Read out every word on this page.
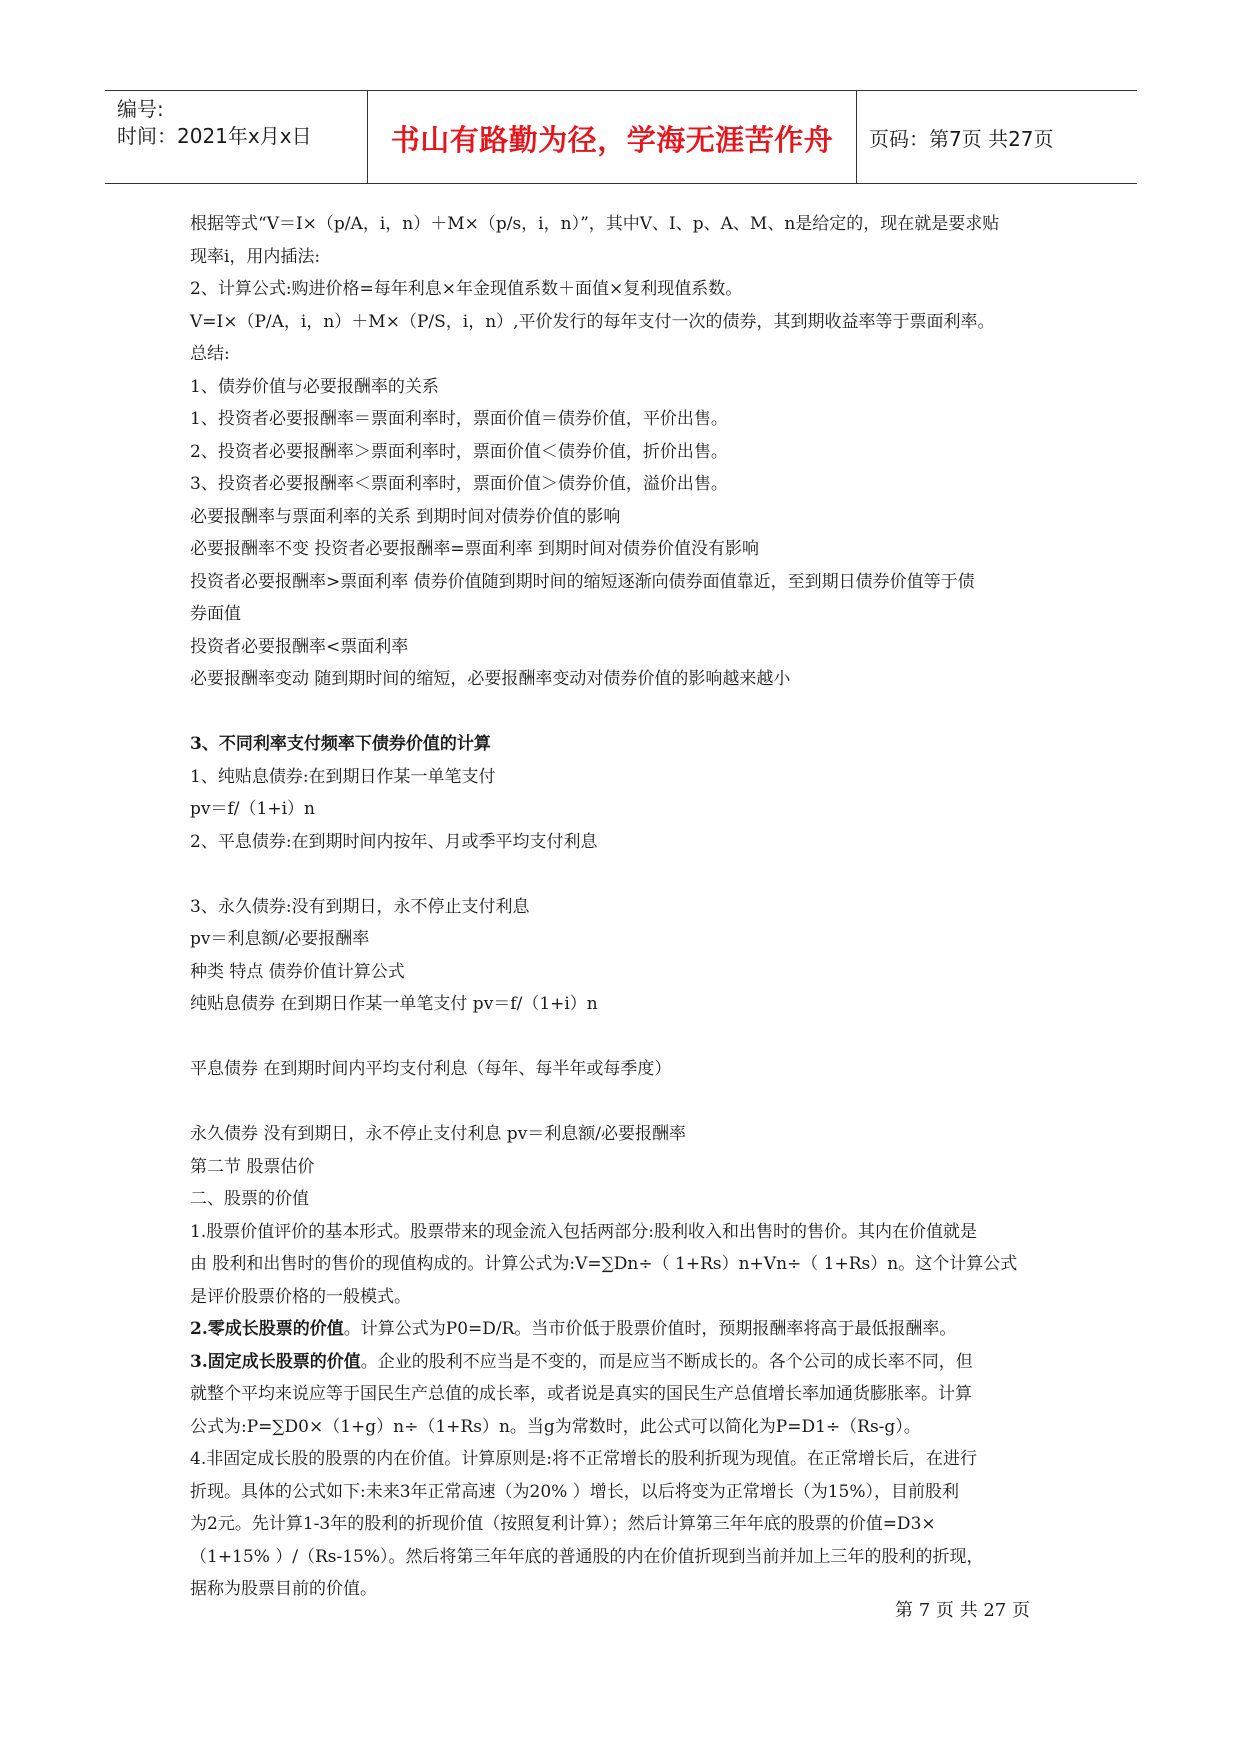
编号:
时间：2021年x月x日	书山有路勤为径，学海无涯苦作舟	页码：第7页 共27页

根据等式“V＝I×（p/A，i，n）＋M×（p/s，i，n）”，其中V、I、p、A、M、n是给定的，现在就是要求贴

现率i，用内插法:

2、计算公式:购进价格=每年利息×年金现值系数＋面值×复利现值系数。

V=I×（P/A，i，n）＋M×（P/S，i，n）,平价发行的每年支付一次的债券，其到期收益率等于票面利率。

总结:

1、债券价值与必要报酬率的关系

1、投资者必要报酬率＝票面利率时，票面价值＝债券价值，平价出售。

2、投资者必要报酬率＞票面利率时，票面价值＜债券价值，折价出售。

3、投资者必要报酬率＜票面利率时，票面价值＞债券价值，溢价出售。

必要报酬率与票面利率的关系 到期时间对债券价值的影响

必要报酬率不变 投资者必要报酬率=票面利率 到期时间对债券价值没有影响

投资者必要报酬率>票面利率 债券价值随到期时间的缩短逐渐向债券面值靠近，至到期日债券价值等于债

券面值

投资者必要报酬率<票面利率

必要报酬率变动 随到期时间的缩短，必要报酬率变动对债券价值的影响越来越小

3、不同利率支付频率下债券价值的计算

1、纯贴息债券:在到期日作某一单笔支付

pv＝f/（1+i）n

2、平息债券:在到期时间内按年、月或季平均支付利息

3、永久债券:没有到期日，永不停止支付利息

pv＝利息额/必要报酬率

种类 特点 债券价值计算公式

纯贴息债券 在到期日作某一单笔支付 pv＝f/（1+i）n

平息债券 在到期时间内平均支付利息（每年、每半年或每季度）

永久债券 没有到期日，永不停止支付利息 pv＝利息额/必要报酬率

第二节 股票估价

二、股票的价值

1.股票价值评价的基本形式。股票带来的现金流入包括两部分:股利收入和出售时的售价。其内在价值就是

由 股利和出售时的售价的现值构成的。计算公式为:V=∑Dn÷（ 1+Rs）n+Vn÷（ 1+Rs）n。这个计算公式

是评价股票价格的一般模式。

2.零成长股票的价值。计算公式为P0=D/R。当市价低于股票价值时，预期报酬率将高于最低报酬率。

3.固定成长股票的价值。企业的股利不应当是不变的，而是应当不断成长的。各个公司的成长率不同，但

就整个平均来说应等于国民生产总值的成长率，或者说是真实的国民生产总值增长率加通货膨胀率。计算

公式为:P=∑D0×（1+g）n÷（1+Rs）n。当g为常数时，此公式可以简化为P=D1÷（Rs-g）。

4.非固定成长股的股票的内在价值。计算原则是:将不正常增长的股利折现为现值。在正常增长后，在进行

折现。具体的公式如下:未来3年正常高速（为20% ）增长，以后将变为正常增长（为15%），目前股利

为2元。先计算1-3年的股利的折现价值（按照复利计算）；然后计算第三年年底的股票的价值=D3×

（1+15% ）/（Rs-15%）。然后将第三年年底的普通股的内在价值折现到当前并加上三年的股利的折现，

据称为股票目前的价值。

第 7 页 共 27 页
